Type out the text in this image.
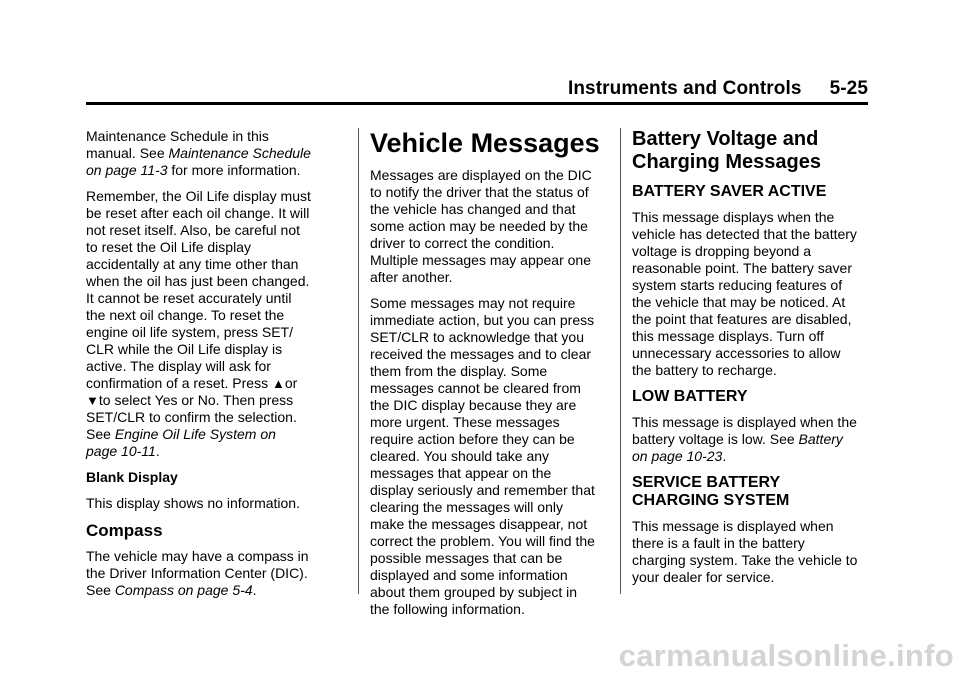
Instruments and Controls 5-25

Maintenance Schedule in this
manual. See Maintenance Schedule
on page 11-3 for more information.

Remember, the Oil Life display must
be reset after each oil change. It will
not reset itself. Also, be careful not
to reset the Oil Life display
accidentally at any time other than
when the oil has just been changed.
It cannot be reset accurately until
the next oil change. To reset the
engine oil life system, press SET/
CLR while the Oil Life display is
active. The display will ask for
confirmation of a reset. Press ▲or
▼to select Yes or No. Then press
SET/CLR to confirm the selection.
See Engine Oil Life System on
page 10-11.

Blank Display

This display shows no information.

Compass

The vehicle may have a compass in
the Driver Information Center (DIC).
See Compass on page 5-4.

Vehicle Messages

Messages are displayed on the DIC
to notify the driver that the status of
the vehicle has changed and that
some action may be needed by the
driver to correct the condition.
Multiple messages may appear one
after another.

Some messages may not require
immediate action, but you can press
SET/CLR to acknowledge that you
received the messages and to clear
them from the display. Some
messages cannot be cleared from
the DIC display because they are
more urgent. These messages
require action before they can be
cleared. You should take any
messages that appear on the
display seriously and remember that
clearing the messages will only
make the messages disappear, not
correct the problem. You will find the
possible messages that can be
displayed and some information
about them grouped by subject in
the following information.

Battery Voltage and
Charging Messages
BATTERY SAVER ACTIVE

This message displays when the
vehicle has detected that the battery
voltage is dropping beyond a
reasonable point. The battery saver
system starts reducing features of
the vehicle that may be noticed. At
the point that features are disabled,
this message displays. Turn off
unnecessary accessories to allow
the battery to recharge.

LOW BATTERY

This message is displayed when the
battery voltage is low. See Battery
on page 10-23.

SERVICE BATTERY
CHARGING SYSTEM

This message is displayed when
there is a fault in the battery
charging system. Take the vehicle to
your dealer for service.

carmanualsonline.info
